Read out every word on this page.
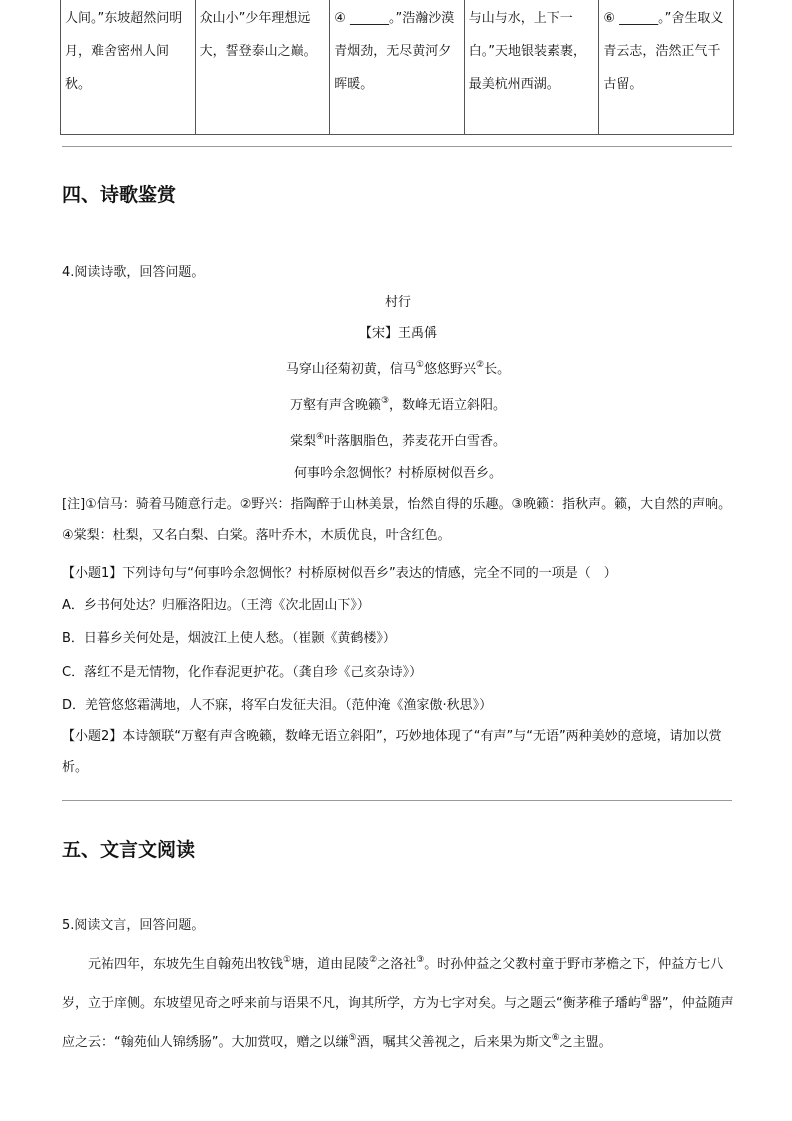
人间。”东坡超然问明月，难舍密州人间秋。	众山小”少年理想远大，誓登泰山之巅。	④ ______。”浩瀚沙漠青烟劲，无尽黄河夕晖暖。	与山与水，上下一白。”天地银装素裹，最美杭州西湖。	⑥ ______。”舍生取义青云志，浩然正气千古留。
四、诗歌鉴赏
4.阅读诗歌，回答问题。
村行
【宋】王禹偁
马穿山径菊初黄，信马①悠悠野兴②长。
万壑有声含晚籁③，数峰无语立斜阳。
棠梨④叶落胭脂色，荞麦花开白雪香。
何事吟余忽惆怅？村桥原树似吾乡。
[注]①信马：骑着马随意行走。②野兴：指陶醉于山林美景，怡然自得的乐趣。③晚籁：指秋声。籁，大自然的声响。④棠梨：杜梨，又名白梨、白棠。落叶乔木，木质优良，叶含红色。
【小题1】下列诗句与“何事吟余忽惆怅？村桥原树似吾乡”表达的情感，完全不同的一项是（　）
A．乡书何处达？归雁洛阳边。（王湾《次北固山下》）
B．日暮乡关何处是，烟波江上使人愁。（崔颢《黄鹤楼》）
C．落红不是无情物，化作春泥更护花。（龚自珍《己亥杂诗》）
D．羌管悠悠霜满地，人不寐，将军白发征夫泪。（范仲淹《渔家傲·秋思》）
【小题2】本诗颔联“万壑有声含晚籁，数峰无语立斜阳”，巧妙地体现了“有声”与“无语”两种美妙的意境，请加以赏析。
五、文言文阅读
5.阅读文言，回答问题。
　　元祐四年，东坡先生自翰苑出牧钱①塘，道由昆陵②之洛社③。时孙仲益之父教村童于野市茅檐之下，仲益方七八岁，立于庠侧。东坡望见奇之呼来前与语果不凡，询其所学，方为七字对矣。与之题云“衡茅稚子璠屿④器”，仲益随声应之云：“翰苑仙人锦绣肠”。大加赏叹，赠之以缣⑤酒，嘱其父善视之，后来果为斯文⑥之主盟。
